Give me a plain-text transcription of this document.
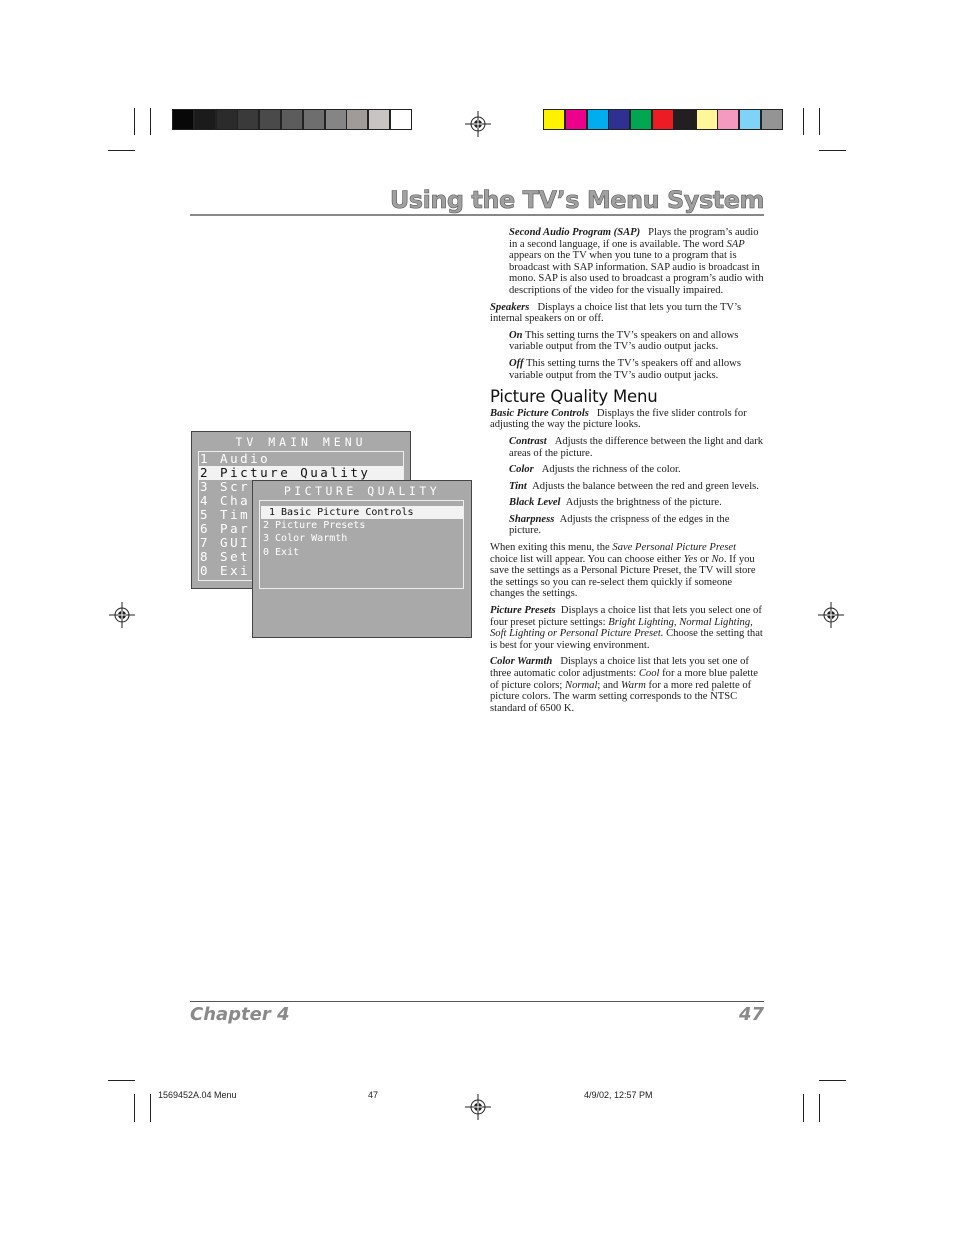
Using the TV’s Menu System
TV MAIN MENU
1 Audio
2 Picture Quality
3 Scr
4 Cha
5 Tim
6 Par
7 GUI
8 Set
0 Exi
PICTURE QUALITY
1 Basic Picture Controls
2 Picture Presets
3 Color Warmth
0 Exit

Second Audio Program (SAP) Plays the program’s audio in a second language, if one is available. The word SAP appears on the TV when you tune to a program that is broadcast with SAP information. SAP audio is broadcast in mono. SAP is also used to broadcast a program’s audio with descriptions of the video for the visually impaired.

Speakers Displays a choice list that lets you turn the TV’s internal speakers on or off.

On This setting turns the TV’s speakers on and allows variable output from the TV’s audio output jacks.

Off This setting turns the TV’s speakers off and allows variable output from the TV’s audio output jacks.

Picture Quality Menu

Basic Picture Controls Displays the five slider controls for adjusting the way the picture looks.

Contrast Adjusts the difference between the light and dark areas of the picture.

Color Adjusts the richness of the color.

Tint Adjusts the balance between the red and green levels.

Black Level Adjusts the brightness of the picture.

Sharpness Adjusts the crispness of the edges in the picture.

When exiting this menu, the Save Personal Picture Preset choice list will appear. You can choose either Yes or No. If you save the settings as a Personal Picture Preset, the TV will store the settings so you can re-select them quickly if someone changes the settings.

Picture Presets Displays a choice list that lets you select one of four preset picture settings: Bright Lighting, Normal Lighting, Soft Lighting or Personal Picture Preset. Choose the setting that is best for your viewing environment.

Color Warmth Displays a choice list that lets you set one of three automatic color adjustments: Cool for a more blue palette of picture colors; Normal; and Warm for a more red palette of picture colors. The warm setting corresponds to the NTSC standard of 6500 K.

Chapter 4	47
1569452A.04 Menu	47	4/9/02, 12:57 PM
